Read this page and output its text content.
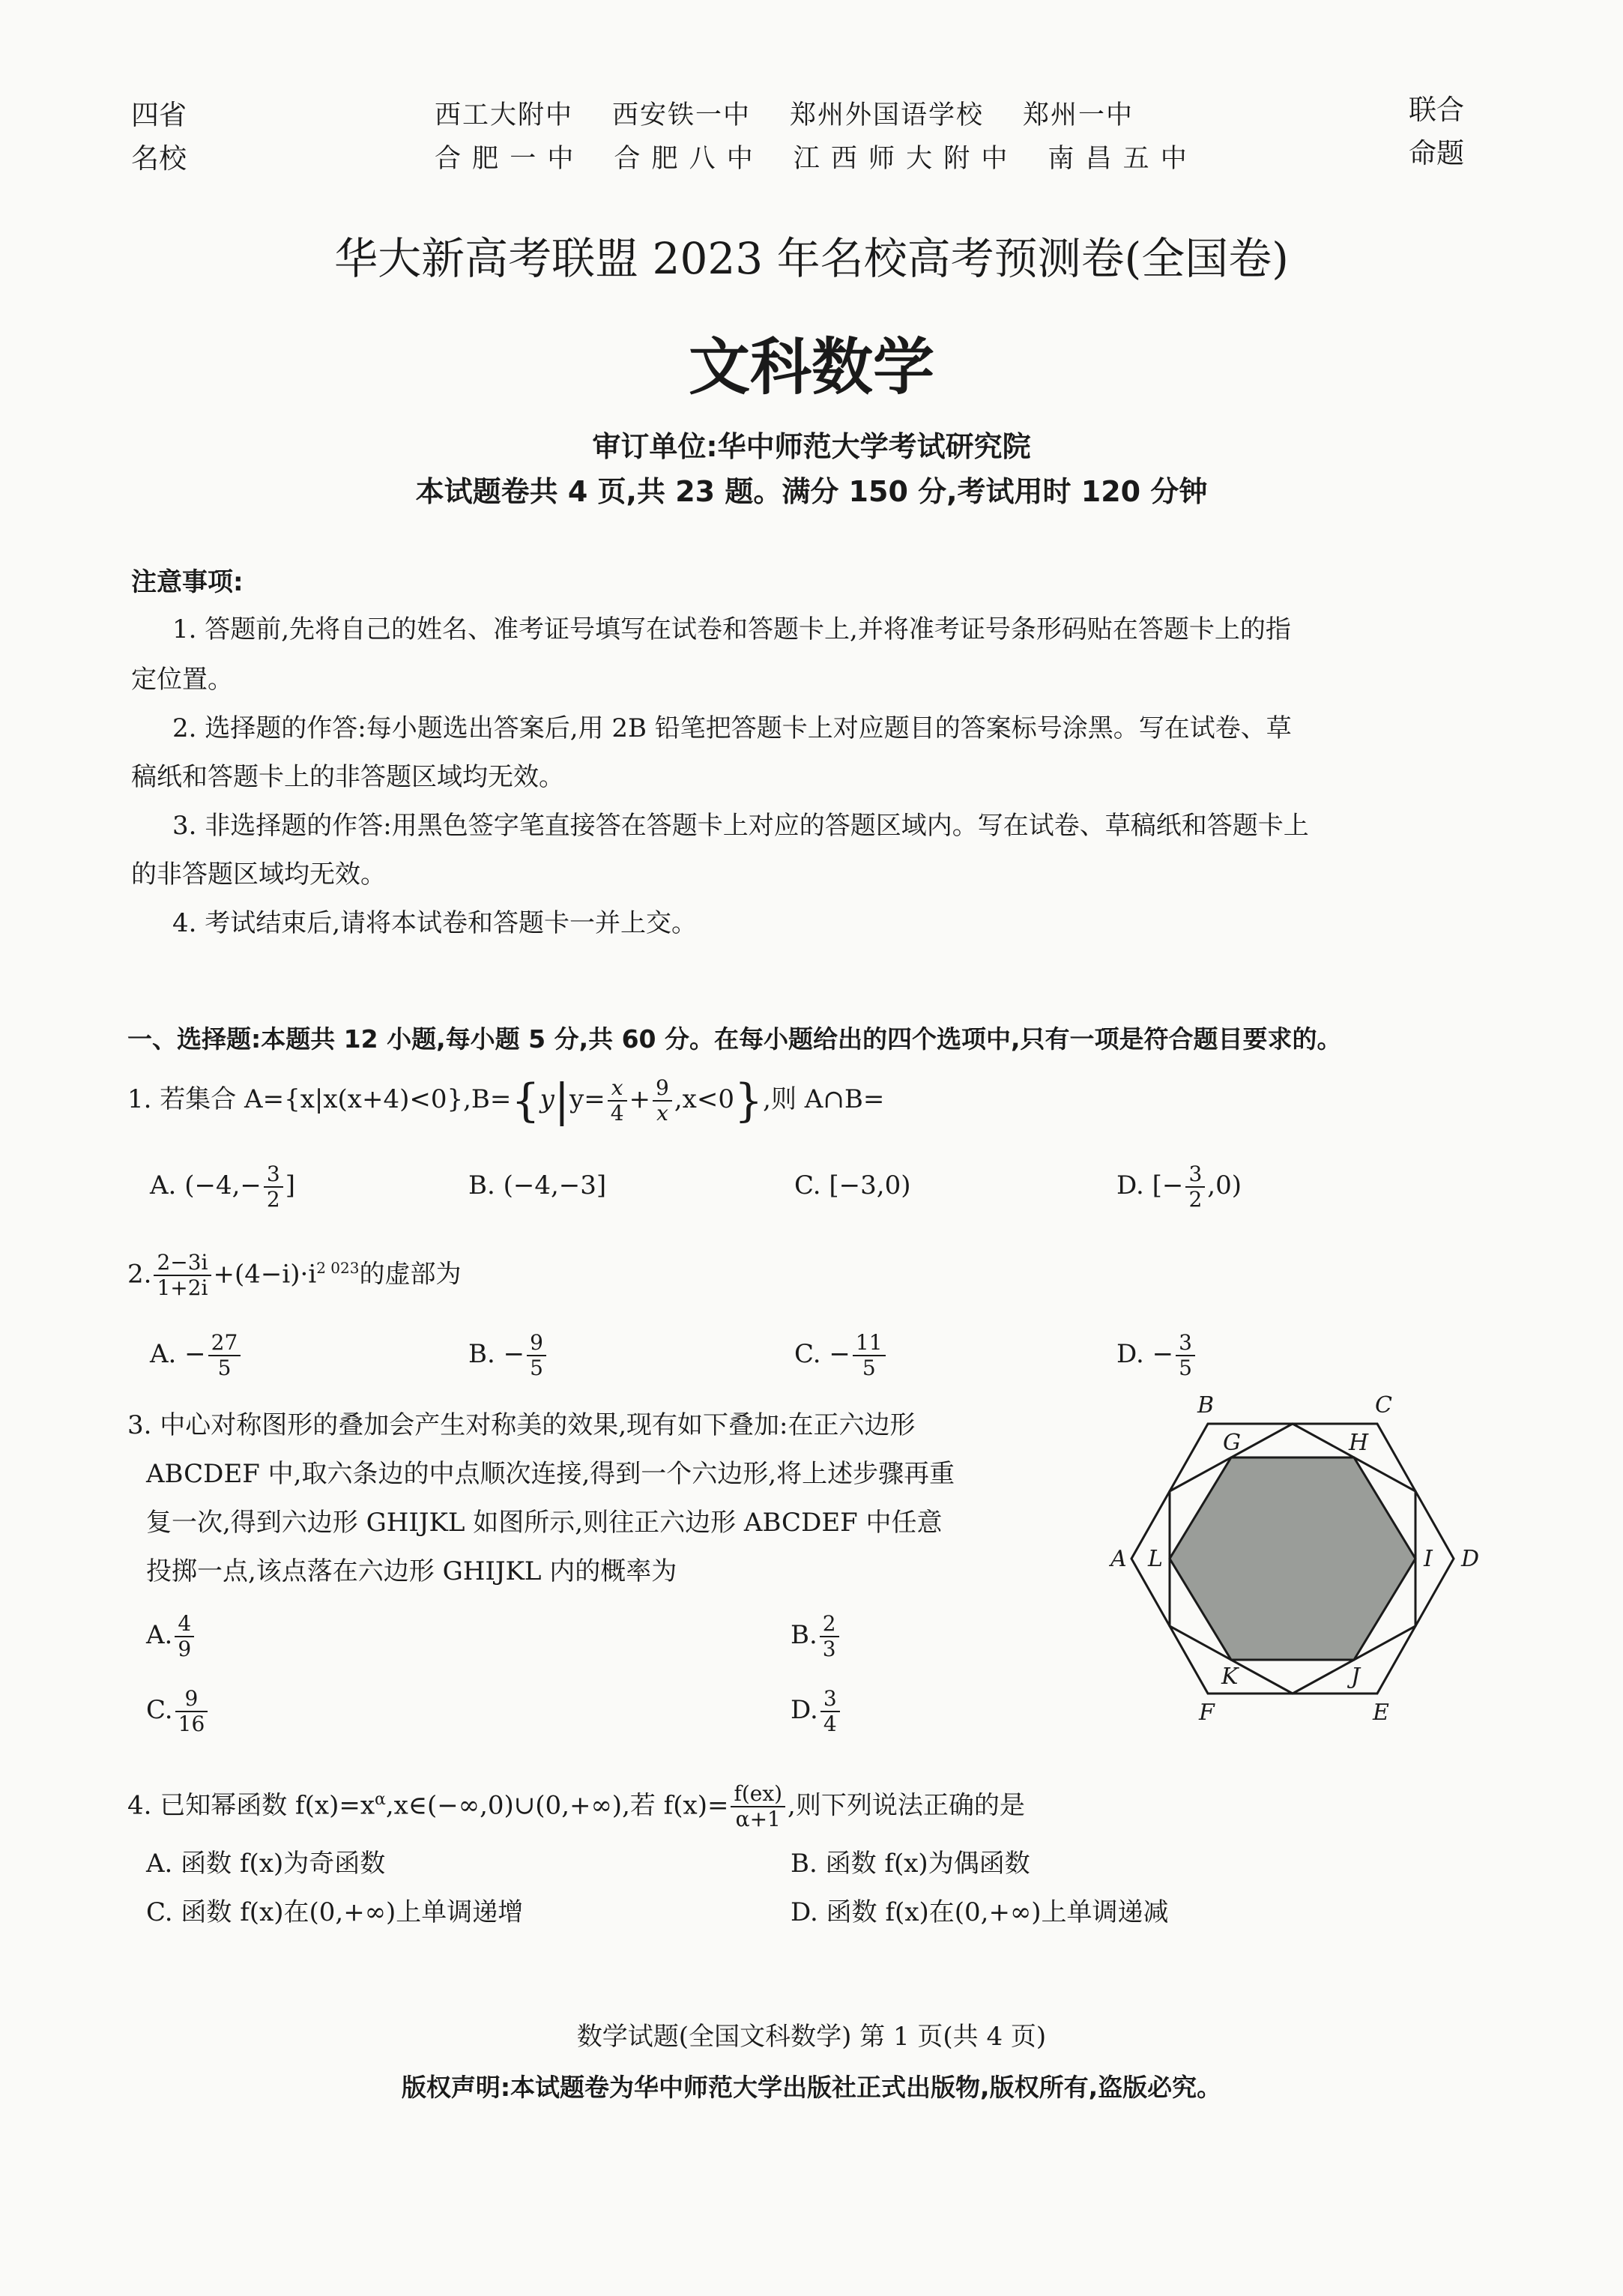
四省
名校
西工大附中 西安铁一中 郑州外国语学校 郑州一中
合 肥 一 中 合 肥 八 中 江 西 师 大 附 中 南 昌 五 中
联合
命题
华大新高考联盟 2023 年名校高考预测卷(全国卷)
文科数学
审订单位:华中师范大学考试研究院
本试题卷共 4 页,共 23 题。满分 150 分,考试用时 120 分钟
注意事项:
1. 答题前,先将自己的姓名、准考证号填写在试卷和答题卡上,并将准考证号条形码贴在答题卡上的指
定位置。
2. 选择题的作答:每小题选出答案后,用 2B 铅笔把答题卡上对应题目的答案标号涂黑。写在试卷、草
稿纸和答题卡上的非答题区域均无效。
3. 非选择题的作答:用黑色签字笔直接答在答题卡上对应的答题区域内。写在试卷、草稿纸和答题卡上
的非答题区域均无效。
4. 考试结束后,请将本试卷和答题卡一并上交。
一、选择题:本题共 12 小题,每小题 5 分,共 60 分。在每小题给出的四个选项中,只有一项是符合题目要求的。
1. 若集合 $A=\{x|x(x+4)<0\},B=\{y|y= \frac{x}{4} + \frac{9}{x} ,x<0\}$,则 A∩B=
A. ($-4,- \frac{3}{2}$ ]	B. (−4,−3]	C. [−3,0)	D. [− $\frac{3}{2} ,0$)
2. $\frac{2-3i}{1+2i} +(4-i)\cdot i^{2 023}$的虚部为
A. − $\frac{27}{5}$	B. − $\frac{9}{5}$	C. − $\frac{11}{5}$	D. − $\frac{3}{5}$
3. 中心对称图形的叠加会产生对称美的效果,现有如下叠加:在正六边形
ABCDEF 中,取六条边的中点顺次连接,得到一个六边形,将上述步骤再重
复一次,得到六边形 GHIJKL 如图所示,则往正六边形 ABCDEF 中任意
投掷一点,该点落在六边形 GHIJKL 内的概率为
A. $\frac{4}{9}$	B. $\frac{2}{3}$
C. $\frac{9}{16}$	D. $\frac{3}{4}$
A
B	C
D
E
F
G	H
I
J
K
L
4. 已知幂函数 $f(x)=x^\alpha,x\in(-\infty,0)\cup(0,+\infty)$,若 $f(x)= \frac{f(ex)}{\alpha+1}$ ,则下列说法正确的是
A. 函数 f(x)为奇函数	B. 函数 f(x)为偶函数
C. 函数 f(x)在(0,+∞)上单调递增	D. 函数 f(x)在(0,+∞)上单调递减
数学试题(全国文科数学) 第 1 页(共 4 页)
版权声明:本试题卷为华中师范大学出版社正式出版物,版权所有,盗版必究。
